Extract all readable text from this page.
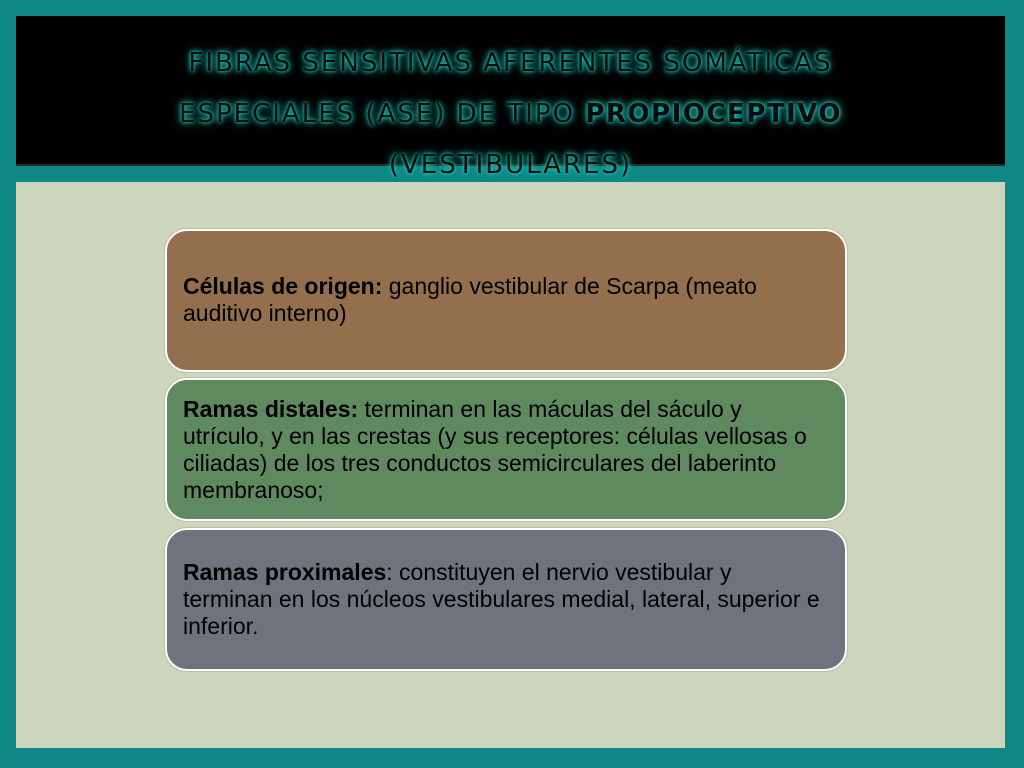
FIBRAS SENSITIVAS AFERENTES SOMÁTICAS
ESPECIALES (ASE) DE TIPO PROPIOCEPTIVO
(VESTIBULARES)

Células de origen: ganglio vestibular de Scarpa (meato auditivo interno)

Ramas distales: terminan en las máculas del sáculo y utrículo, y en las crestas (y sus receptores: células vellosas o ciliadas) de los tres conductos semicirculares del laberinto membranoso;

Ramas proximales: constituyen el nervio vestibular y terminan en los núcleos vestibulares medial, lateral, superior e inferior.
